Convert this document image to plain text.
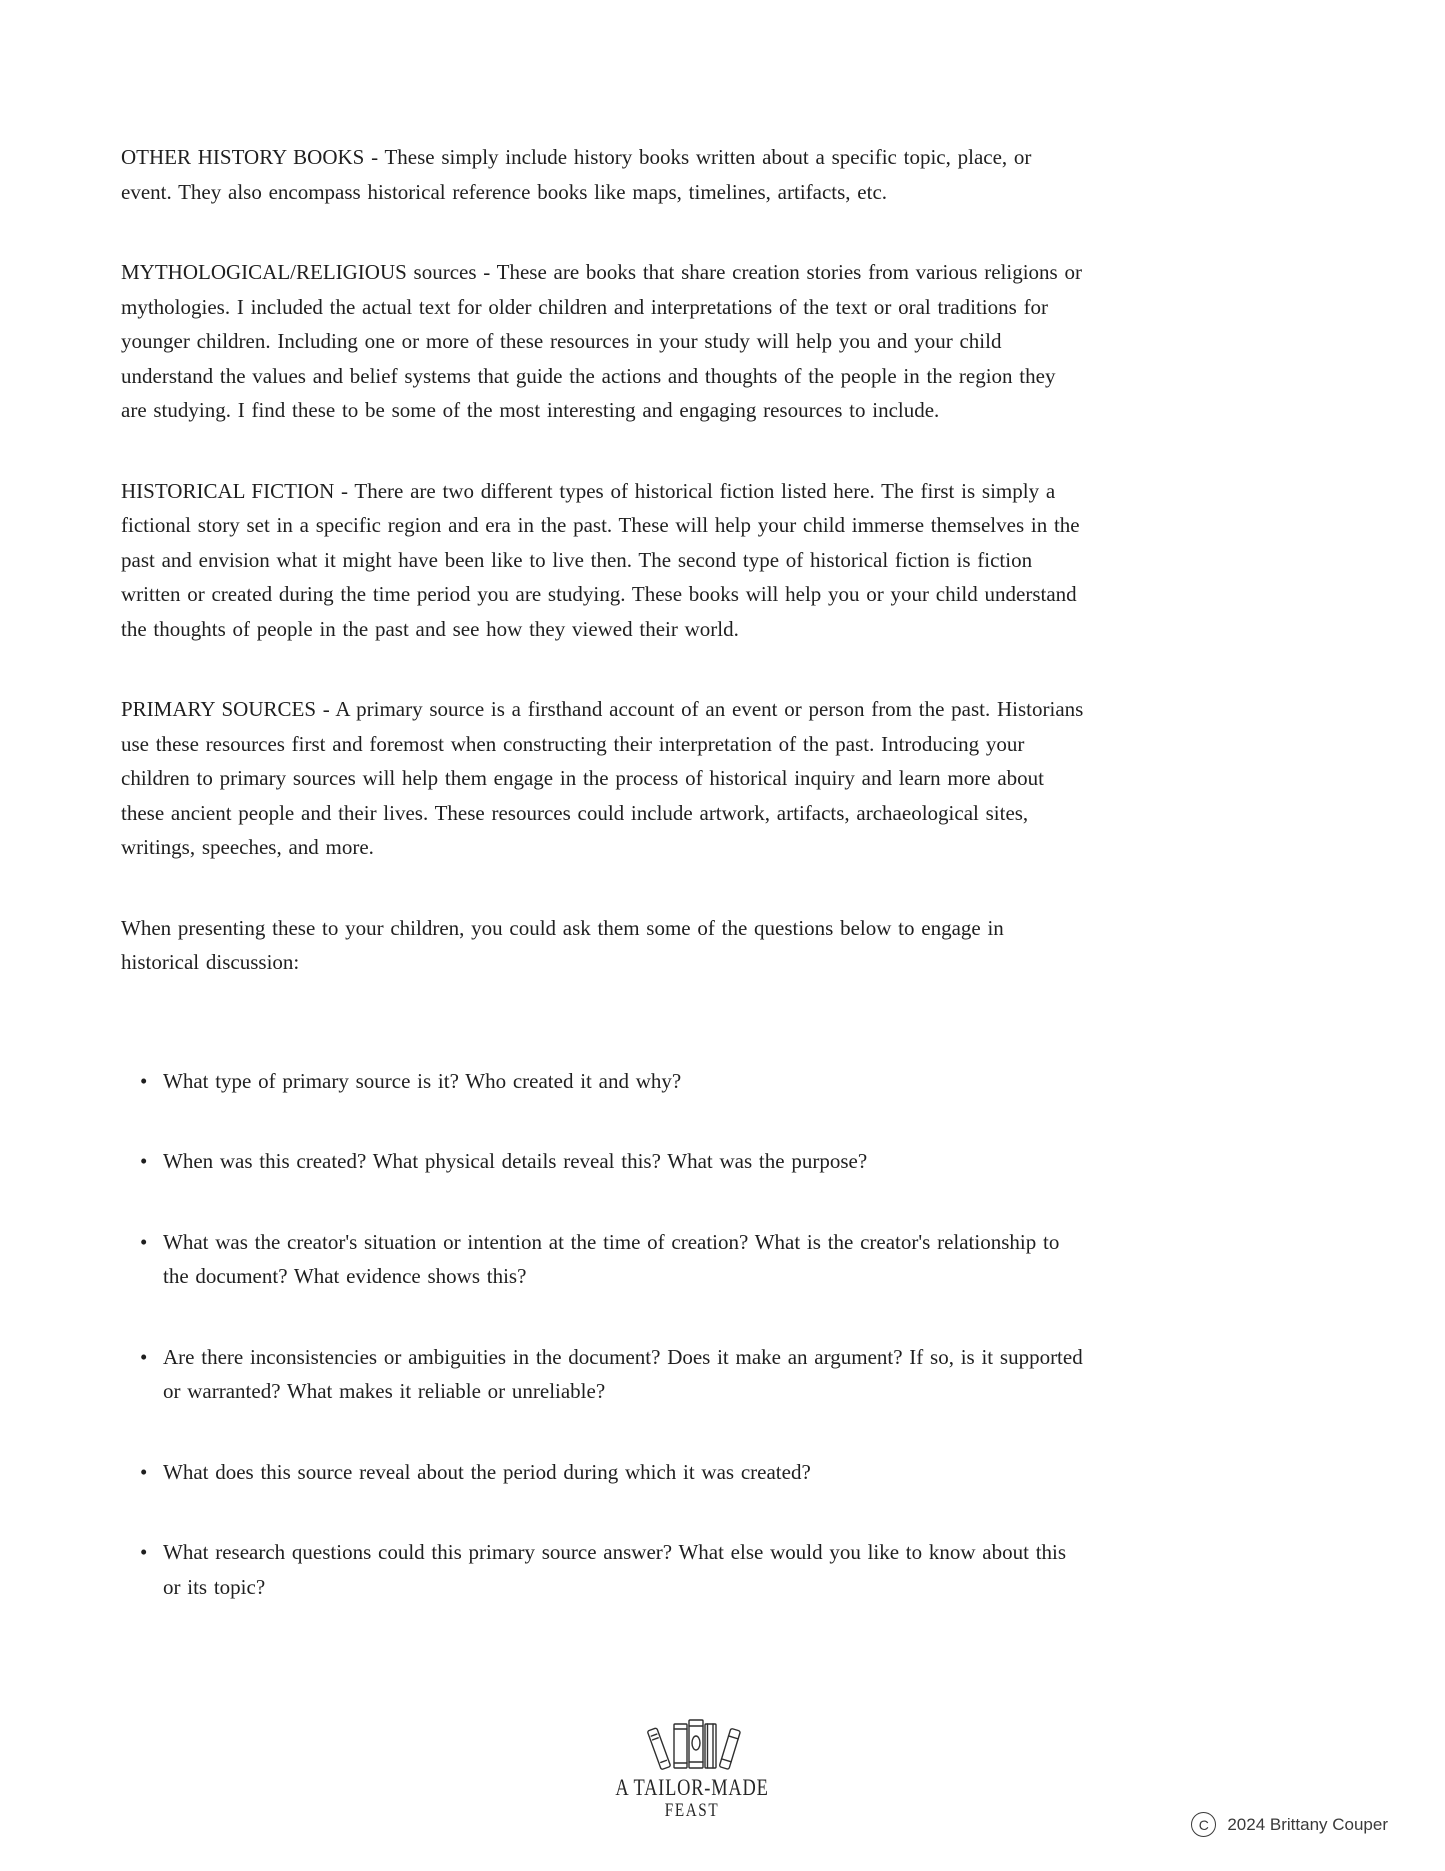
OTHER HISTORY BOOKS - These simply include history books written about a specific topic, place, or event. They also encompass historical reference books like maps, timelines, artifacts, etc.

MYTHOLOGICAL/RELIGIOUS sources - These are books that share creation stories from various religions or mythologies. I included the actual text for older children and interpretations of the text or oral traditions for younger children. Including one or more of these resources in your study will help you and your child understand the values and belief systems that guide the actions and thoughts of the people in the region they are studying. I find these to be some of the most interesting and engaging resources to include.

HISTORICAL FICTION - There are two different types of historical fiction listed here. The first is simply a fictional story set in a specific region and era in the past. These will help your child immerse themselves in the past and envision what it might have been like to live then. The second type of historical fiction is fiction written or created during the time period you are studying. These books will help you or your child understand the thoughts of people in the past and see how they viewed their world.

PRIMARY SOURCES - A primary source is a firsthand account of an event or person from the past. Historians use these resources first and foremost when constructing their interpretation of the past. Introducing your children to primary sources will help them engage in the process of historical inquiry and learn more about these ancient people and their lives. These resources could include artwork, artifacts, archaeological sites, writings, speeches, and more.

When presenting these to your children, you could ask them some of the questions below to engage in historical discussion:

• What type of primary source is it? Who created it and why?
• When was this created? What physical details reveal this? What was the purpose?
• What was the creator's situation or intention at the time of creation? What is the creator's relationship to the document? What evidence shows this?
• Are there inconsistencies or ambiguities in the document? Does it make an argument? If so, is it supported or warranted? What makes it reliable or unreliable?
• What does this source reveal about the period during which it was created?
• What research questions could this primary source answer? What else would you like to know about this or its topic?
A TAILOR-MADE
FEAST
C	2024 Brittany Couper
